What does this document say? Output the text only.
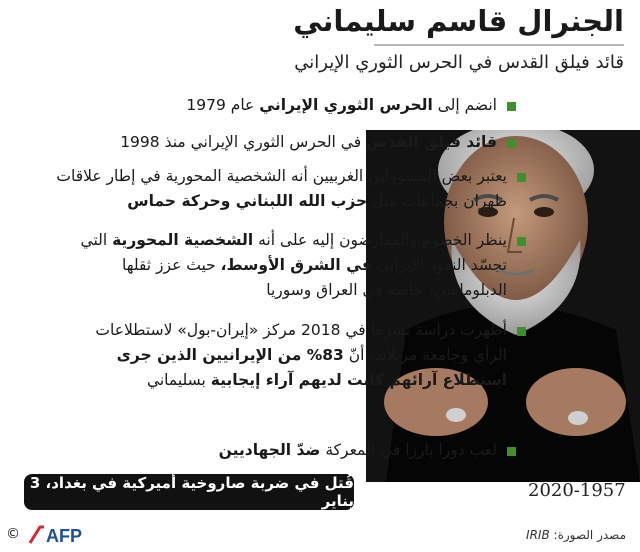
الجنرال قاسم سليماني
قائد فيلق القدس في الحرس الثوري الإيراني
انضم إلى الحرس الثوري الإيراني عام 1979
قائد فيلق القدس في الحرس الثوري الإيراني منذ 1998
يعتبر بعض المسؤولين الغربيين أنه الشخصية المحورية في إطار علاقات طهران بجماعات مثل حزب الله اللبناني وحركة حماس
ينظر الخصوم والمعارضون إليه على أنه الشخصية المحورية التي تجسّد النفوذ الإيراني في الشرق الأوسط، حيث عزز ثقلها الدبلوماسي، خاصة في العراق وسوريا
أظهرت دراسة نشرها في 2018 مركز «إيران-بول» لاستطلاعات الرأي وجامعة مريلاند، أنّ 83% من الإيرانيين الذين جرى استطلاع آرائهم كانت لديهم آراء إيجابية بسليماني
لعب دورا بارزا في المعركة ضدّ الجهاديين
قُتل في ضربة صاروخية أميركية في بغداد، 3 يناير	2020-1957
© AFP	مصدر الصورة: IRIB
